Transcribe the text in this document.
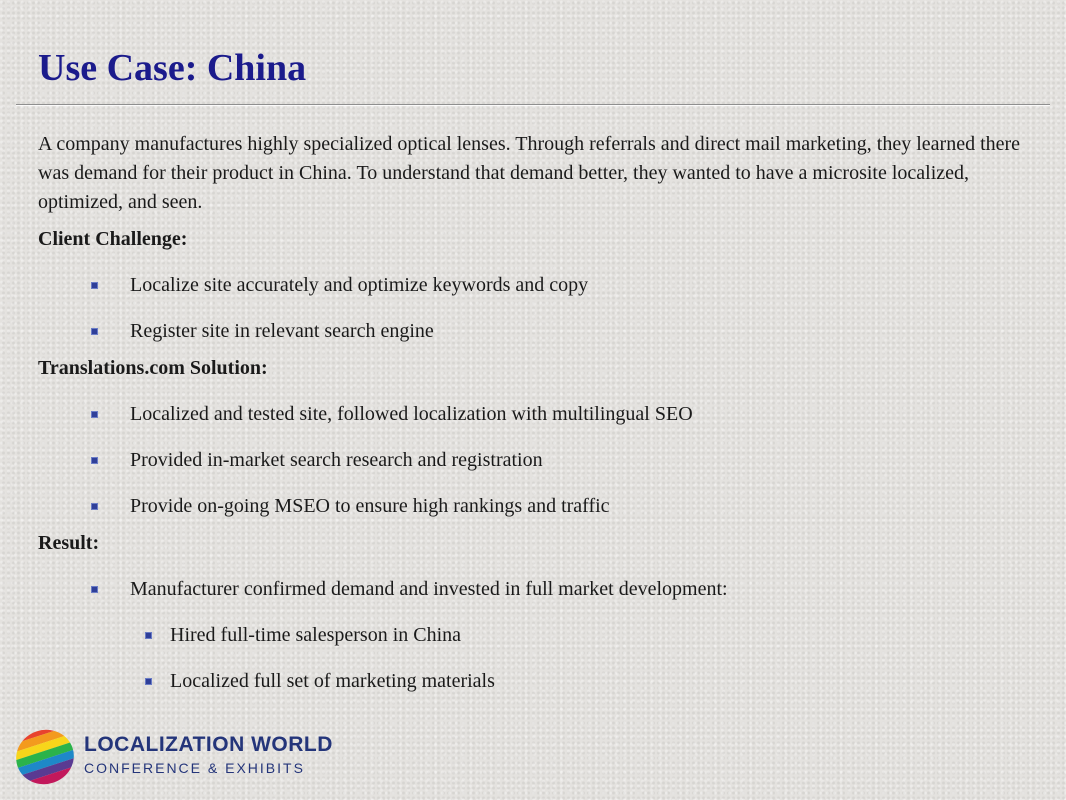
Use Case: China

A company manufactures highly specialized optical lenses. Through referrals and direct mail marketing, they learned there was demand for their product in China. To understand that demand better, they wanted to have a microsite localized, optimized, and seen.

Client Challenge:

Localize site accurately and optimize keywords and copy
Register site in relevant search engine

Translations.com Solution:

Localized and tested site, followed localization with multilingual SEO
Provided in-market search research and registration
Provide on-going MSEO to ensure high rankings and traffic

Result:

Manufacturer confirmed demand and invested in full market development:
Hired full-time salesperson in China
Localized full set of marketing materials
LOCALIZATION WORLD
CONFERENCE & EXHIBITS
